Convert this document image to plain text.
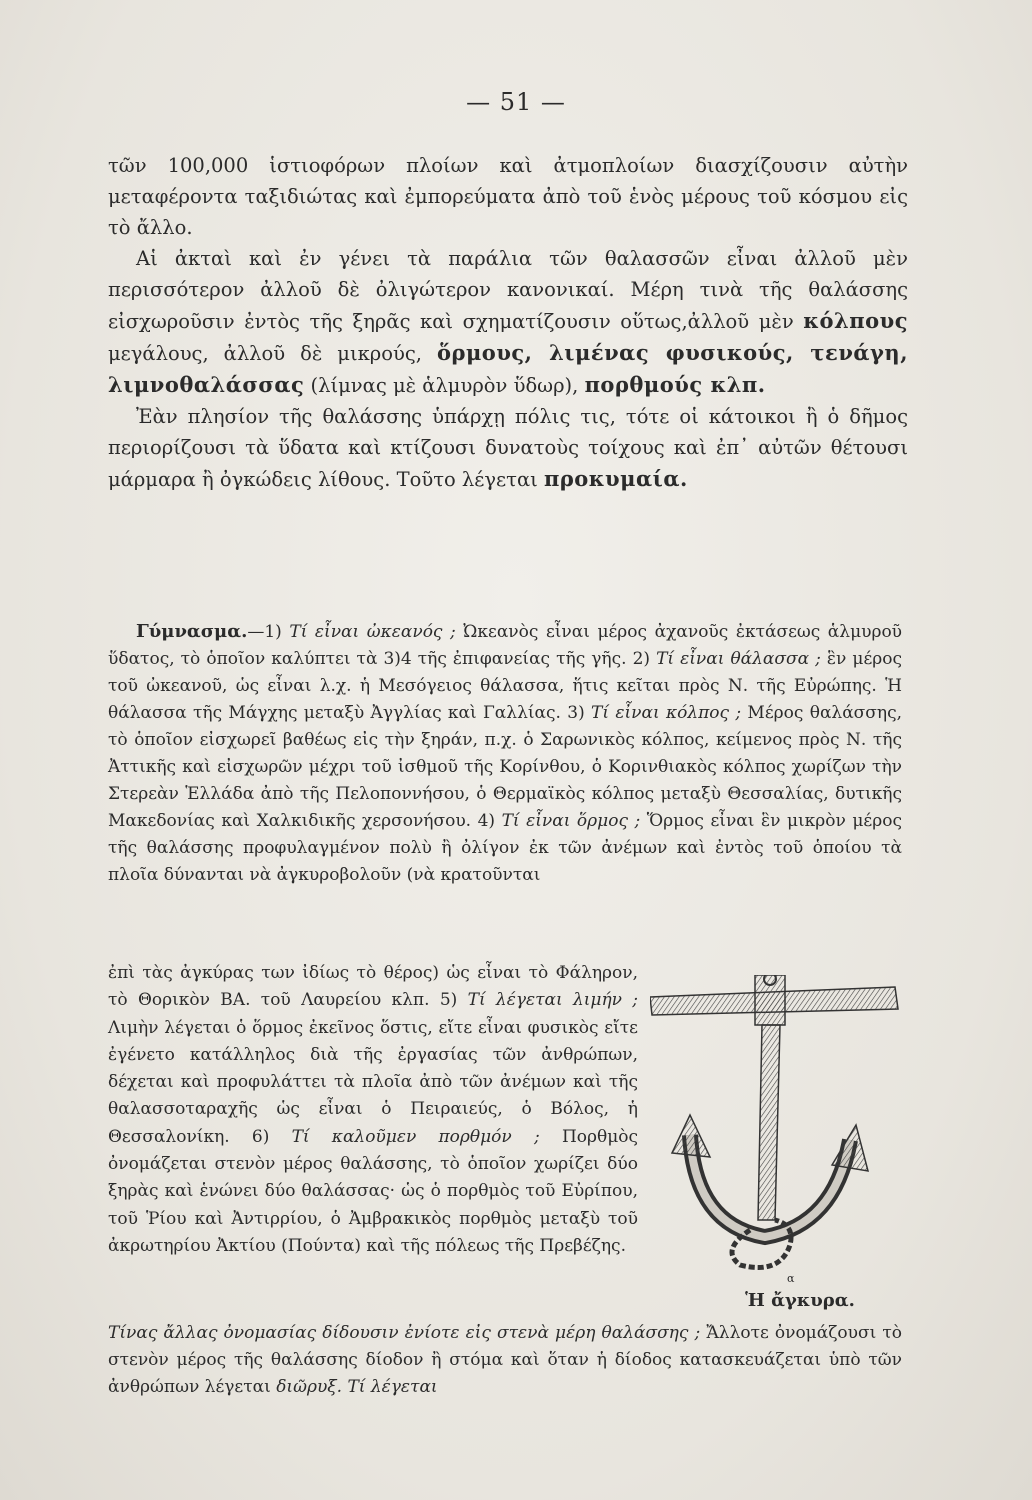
— 51 —

τῶν 100,000 ἱστιοφόρων πλοίων καὶ ἀτμοπλοίων διασχίζουσιν αὐτὴν μεταφέροντα ταξιδιώτας καὶ ἐμπορεύματα ἀπὸ τοῦ ἑνὸς μέρους τοῦ κόσμου εἰς τὸ ἄλλο.

Αἱ ἀκταὶ καὶ ἐν γένει τὰ παράλια τῶν θαλασσῶν εἶναι ἀλλοῦ μὲν περισσότερον ἀλλοῦ δὲ ὀλιγώτερον κανονικαί. Μέρη τινὰ τῆς θαλάσσης εἰσχωροῦσιν ἐντὸς τῆς ξηρᾶς καὶ σχηματίζουσιν οὕτως,ἀλλοῦ μὲν κόλπους μεγάλους, ἀλλοῦ δὲ μικρούς, ὅρμους, λιμένας φυσικούς, τενάγη, λιμνοθαλάσσας (λίμνας μὲ ἁλμυρὸν ὕδωρ), πορθμούς κλπ.

Ἐὰν πλησίον τῆς θαλάσσης ὑπάρχῃ πόλις τις, τότε οἱ κάτοικοι ἢ ὁ δῆμος περιορίζουσι τὰ ὕδατα καὶ κτίζουσι δυνατοὺς τοίχους καὶ ἐπ᾿ αὐτῶν θέτουσι μάρμαρα ἢ ὀγκώδεις λίθους. Τοῦτο λέγεται προκυμαία.

Γύμνασμα.—1) Τί εἶναι ὠκεανός ; Ὠκεανὸς εἶναι μέρος ἀχανοῦς ἐκτάσεως ἁλμυροῦ ὕδατος, τὸ ὁποῖον καλύπτει τὰ 3)4 τῆς ἐπιφανείας τῆς γῆς. 2) Τί εἶναι θάλασσα ; ἓν μέρος τοῦ ὠκεανοῦ, ὡς εἶναι λ.χ. ἡ Μεσόγειος θάλασσα, ἥτις κεῖται πρὸς Ν. τῆς Εὐρώπης. Ἡ θάλασσα τῆς Μάγχης μεταξὺ Ἀγγλίας καὶ Γαλλίας. 3) Τί εἶναι κόλπος ; Μέρος θαλάσσης, τὸ ὁποῖον εἰσχωρεῖ βαθέως εἰς τὴν ξηράν, π.χ. ὁ Σαρωνικὸς κόλπος, κείμενος πρὸς Ν. τῆς Ἀττικῆς καὶ εἰσχωρῶν μέχρι τοῦ ἰσθμοῦ τῆς Κορίνθου, ὁ Κορινθιακὸς κόλπος χωρίζων τὴν Στερεὰν Ἑλλάδα ἀπὸ τῆς Πελοποννήσου, ὁ Θερμαϊκὸς κόλπος μεταξὺ Θεσσαλίας, δυτικῆς Μακεδονίας καὶ Χαλκιδικῆς χερσονήσου. 4) Τί εἶναι ὅρμος ; Ὅρμος εἶναι ἓν μικρὸν μέρος τῆς θαλάσσης προφυλαγμένον πολὺ ἢ ὀλίγον ἐκ τῶν ἀνέμων καὶ ἐντὸς τοῦ ὁποίου τὰ πλοῖα δύνανται νὰ ἀγκυροβολοῦν (νὰ κρατοῦνται

ἐπὶ τὰς ἀγκύρας των ἰδίως τὸ θέρος) ὡς εἶναι τὸ Φάληρον, τὸ Θορικὸν ΒΑ. τοῦ Λαυρείου κλπ. 5) Τί λέγεται λιμήν ; Λιμὴν λέγεται ὁ ὅρμος ἐκεῖνος ὅστις, εἴτε εἶναι φυσικὸς εἴτε ἐγένετο κατάλληλος διὰ τῆς ἐργασίας τῶν ἀνθρώπων, δέχεται καὶ προφυλάττει τὰ πλοῖα ἀπὸ τῶν ἀνέμων καὶ τῆς θαλασσοταραχῆς ὡς εἶναι ὁ Πειραιεύς, ὁ Βόλος, ἡ Θεσσαλονίκη. 6) Τί καλοῦμεν πορθμόν ; Πορθμὸς ὀνομάζεται στενὸν μέρος θαλάσσης, τὸ ὁποῖον χωρίζει δύο ξηρὰς καὶ ἑνώνει δύο θαλάσσας· ὡς ὁ πορθμὸς τοῦ Εὐρίπου, τοῦ Ῥίου καὶ Ἀντιρρίου, ὁ Ἀμβρακικὸς πορθμὸς μεταξὺ τοῦ ἀκρωτηρίου Ἀκτίου (Πούντα) καὶ τῆς πόλεως τῆς Πρεβέζης.

α
Ἡ ἄγκυρα.

Τίνας ἄλλας ὀνομασίας δίδουσιν ἐνίοτε εἰς στενὰ μέρη θαλάσσης ; Ἄλλοτε ὀνομάζουσι τὸ στενὸν μέρος τῆς θαλάσσης δίοδον ἢ στόμα καὶ ὅταν ἡ δίοδος κατασκευάζεται ὑπὸ τῶν ἀνθρώπων λέγεται διῶρυξ. Τί λέγεται
